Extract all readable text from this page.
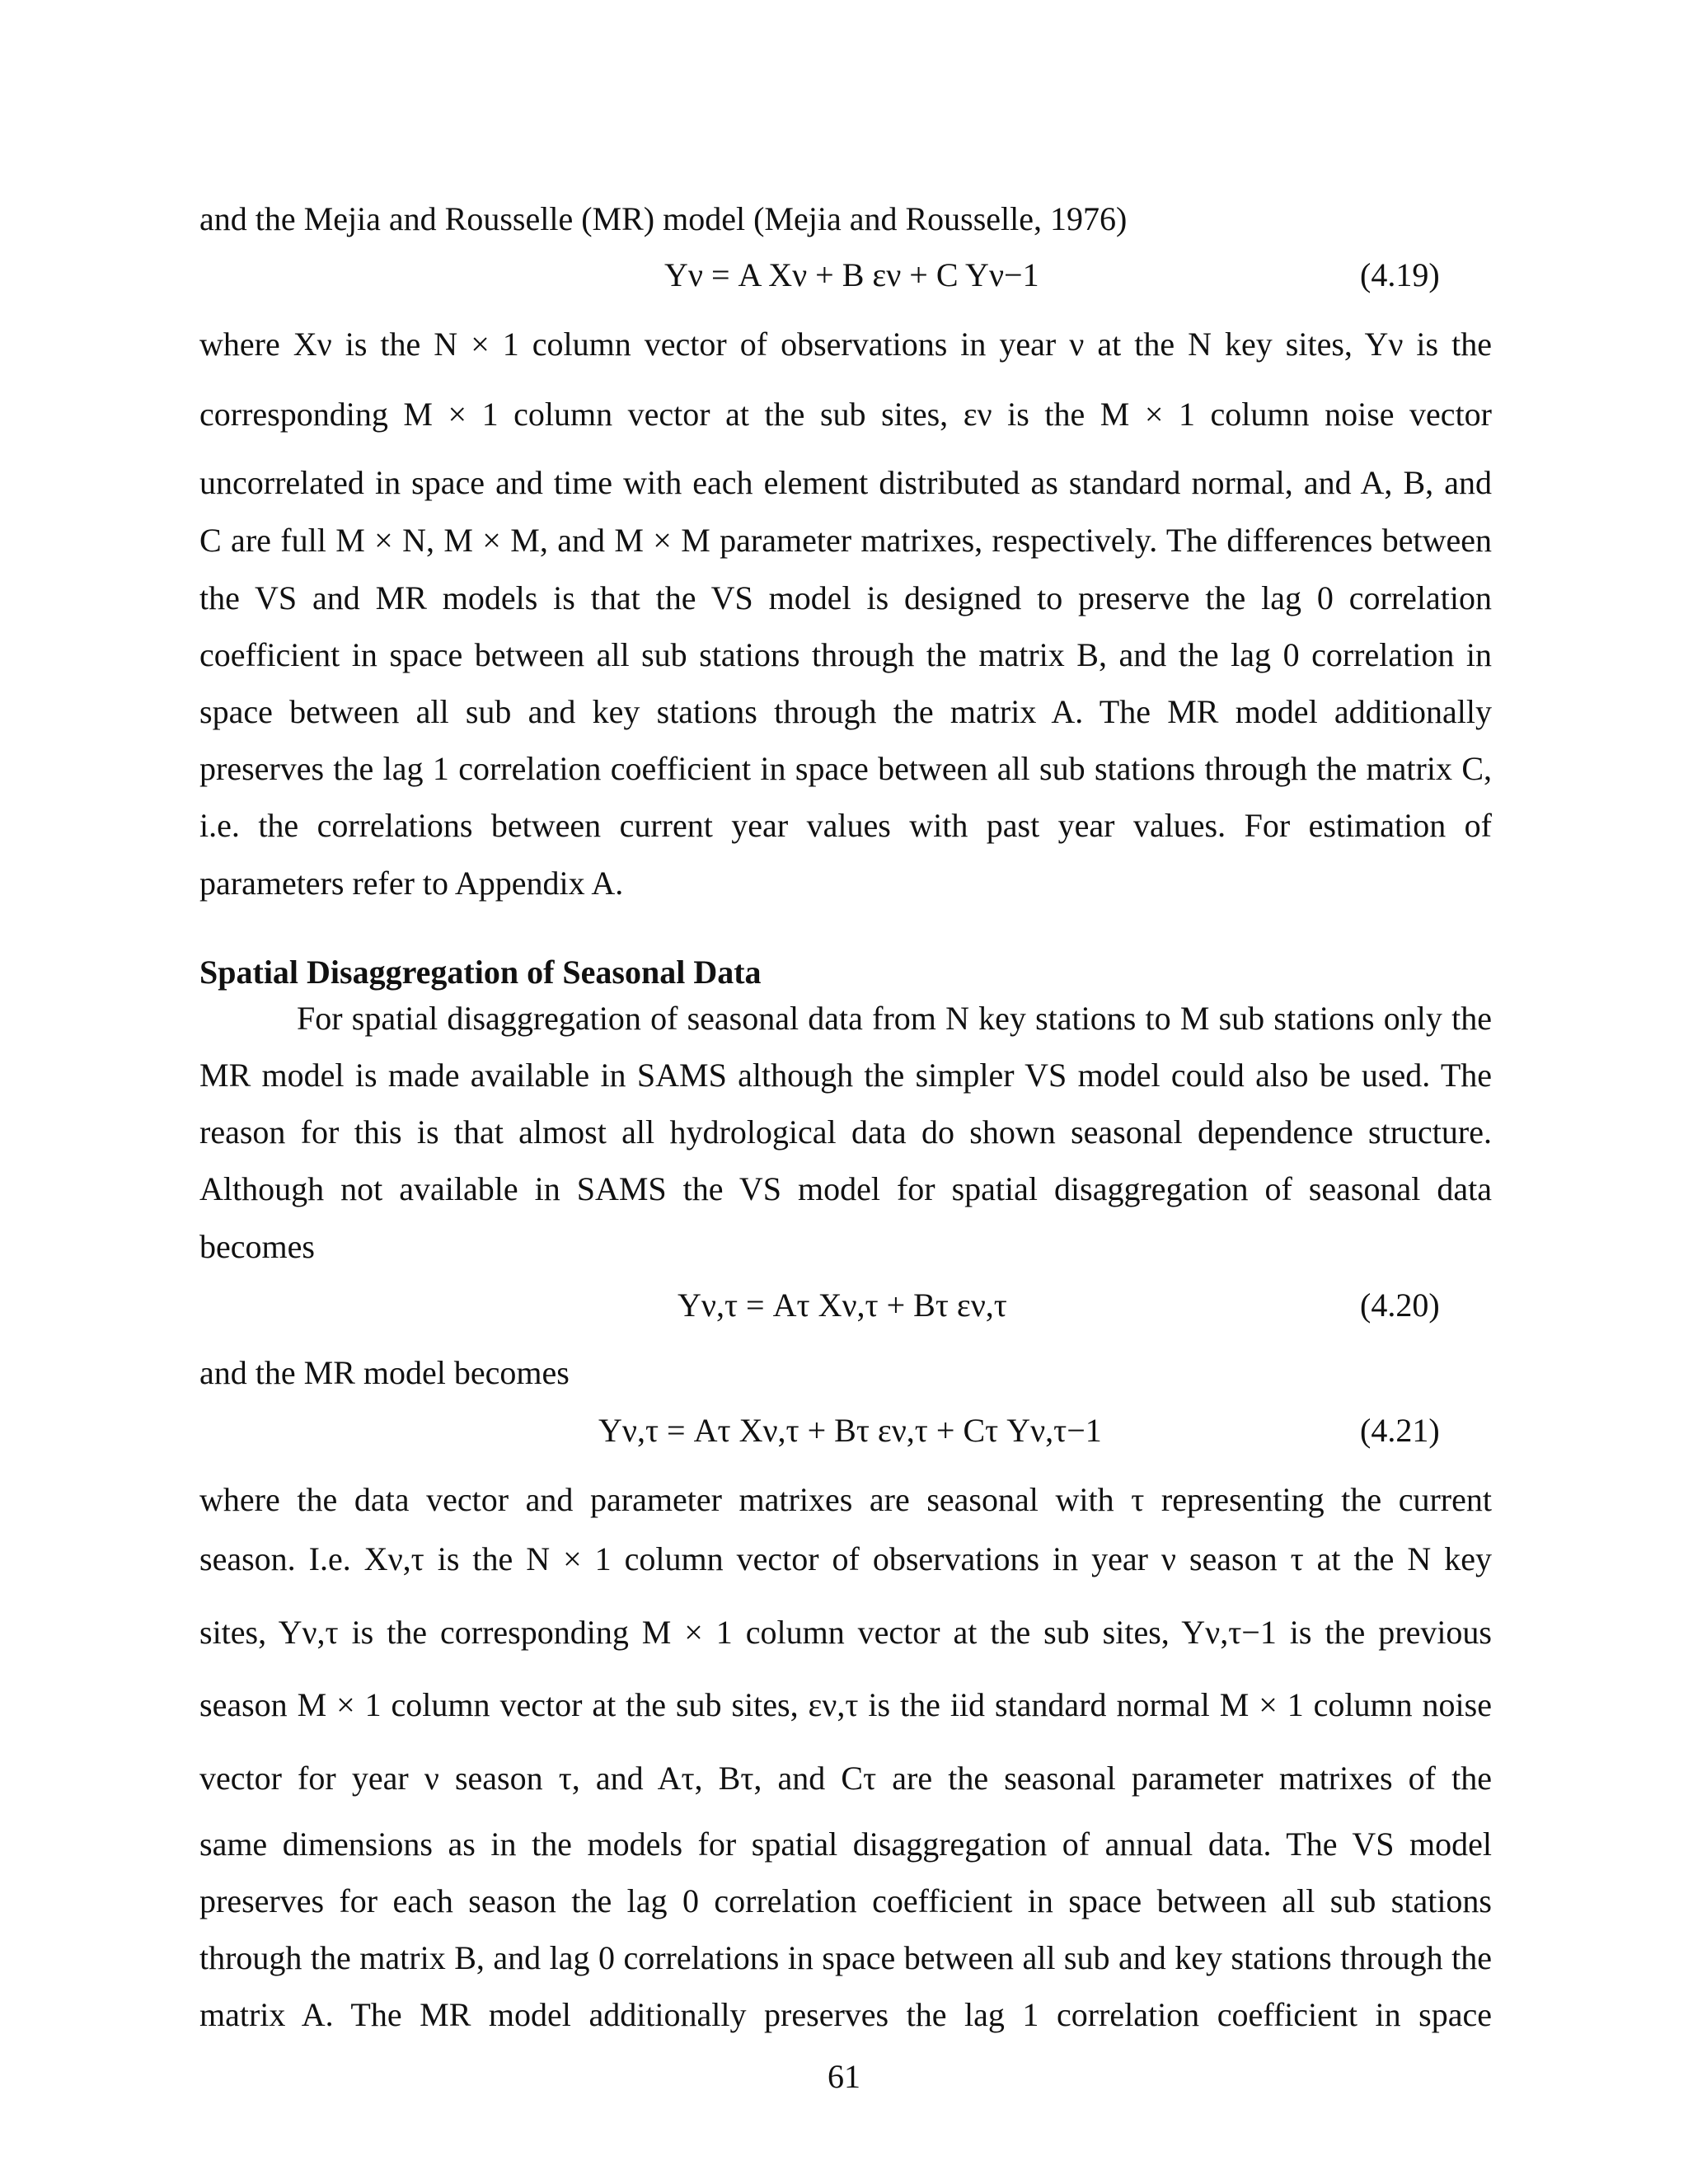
and the Mejia and Rousselle (MR) model (Mejia and Rousselle, 1976)
Yν = A Xν + B εν + C Yν−1	(4.19)
where Xν is the N × 1 column vector of observations in year ν at the N key sites, Yν is the
corresponding M × 1 column vector at the sub sites, εν is the M × 1 column noise vector
uncorrelated in space and time with each element distributed as standard normal, and A, B, and
C are full M × N, M × M, and M × M parameter matrixes, respectively. The differences between
the VS and MR models is that the VS model is designed to preserve the lag 0 correlation
coefficient in space between all sub stations through the matrix B, and the lag 0 correlation in
space between all sub and key stations through the matrix A. The MR model additionally
preserves the lag 1 correlation coefficient in space between all sub stations through the matrix C,
i.e. the correlations between current year values with past year values. For estimation of
parameters refer to Appendix A.
Spatial Disaggregation of Seasonal Data
For spatial disaggregation of seasonal data from N key stations to M sub stations only the
MR model is made available in SAMS although the simpler VS model could also be used. The
reason for this is that almost all hydrological data do shown seasonal dependence structure.
Although not available in SAMS the VS model for spatial disaggregation of seasonal data
becomes
Yν,τ = Aτ Xν,τ + Bτ εν,τ	(4.20)
and the MR model becomes
Yν,τ = Aτ Xν,τ + Bτ εν,τ + Cτ Yν,τ−1	(4.21)
where the data vector and parameter matrixes are seasonal with τ representing the current
season. I.e. Xν,τ is the N × 1 column vector of observations in year ν season τ at the N key
sites, Yν,τ is the corresponding M × 1 column vector at the sub sites, Yν,τ−1 is the previous
season M × 1 column vector at the sub sites, εν,τ is the iid standard normal M × 1 column noise
vector for year ν season τ, and Aτ, Bτ, and Cτ are the seasonal parameter matrixes of the
same dimensions as in the models for spatial disaggregation of annual data. The VS model
preserves for each season the lag 0 correlation coefficient in space between all sub stations
through the matrix B, and lag 0 correlations in space between all sub and key stations through the
matrix A. The MR model additionally preserves the lag 1 correlation coefficient in space
61
